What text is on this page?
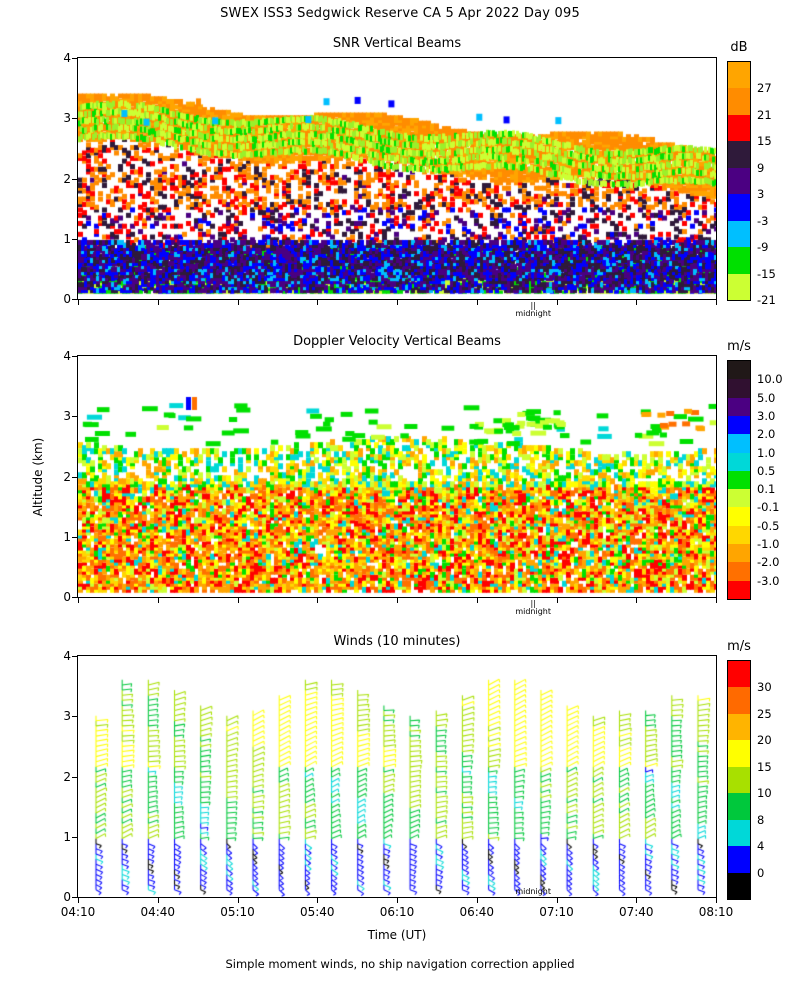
SWEX ISS3 Sedgwick Reserve CA 5 Apr 2022 Day 095
SNR Vertical Beams
0
1
2
3
4
||
midnight
Doppler Velocity Vertical Beams
0
1
2
3
4
||
midnight
Winds (10 minutes)
0
1
2
3
4
04:10	04:40	05:10	05:40	06:10	06:40	07:10	07:40	08:10
midnight
Altitude (km)
Time (UT)
dB
27
21
15
9
3
-3
-9
-15
-21
m/s
10.0
5.0
3.0
2.0
1.0
0.5
0.1
-0.1
-0.5
-1.0
-2.0
-3.0
m/s
30
25
20
15
10
8
4
0
Simple moment winds, no ship navigation correction applied
